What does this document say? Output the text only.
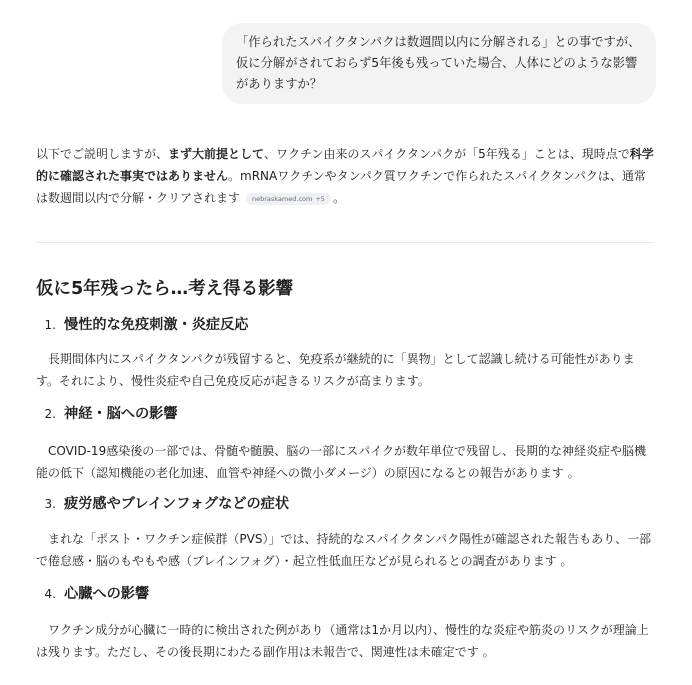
「作られたスパイクタンパクは数週間以内に分解される」との事ですが、仮に分解がされておらず5年後も残っていた場合、人体にどのような影響がありますか？

以下でご説明しますが、まず大前提として、ワクチン由来のスパイクタンパクが「5年残る」ことは、現時点で科学的に確認された事実ではありません。mRNAワクチンやタンパク質ワクチンで作られたスパイクタンパクは、通常は数週間以内で分解・クリアされます nebraskamed.com +5 。

仮に5年残ったら…考え得る影響
1. 慢性的な免疫刺激・炎症反応

長期間体内にスパイクタンパクが残留すると、免疫系が継続的に「異物」として認識し続ける可能性があります。それにより、慢性炎症や自己免疫反応が起きるリスクが高まります。

2. 神経・脳への影響

COVID‑19感染後の一部では、骨髄や髄膜、脳の一部にスパイクが数年単位で残留し、長期的な神経炎症や脳機能の低下（認知機能の老化加速、血管や神経への微小ダメージ）の原因になるとの報告があります 。

3. 疲労感やブレインフォグなどの症状

まれな「ポスト・ワクチン症候群（PVS）」では、持続的なスパイクタンパク陽性が確認された報告もあり、一部で倦怠感・脳のもやもや感（ブレインフォグ）・起立性低血圧などが見られるとの調査があります 。

4. 心臓への影響

ワクチン成分が心臓に一時的に検出された例があり（通常は1か月以内）、慢性的な炎症や筋炎のリスクが理論上は残ります。ただし、その後長期にわたる副作用は未報告で、関連性は未確定です 。
